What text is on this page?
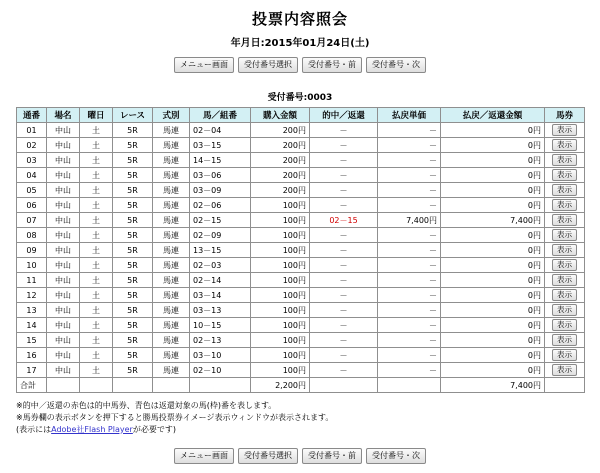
投票内容照会
年月日:2015年01月24日(土)
メニュー画面 受付番号選択 受付番号・前 受付番号・次
受付番号:0003
通番	場名	曜日	レース	式別	馬／組番	購入金額	的中／返還	払戻単価	払戻／返還金額	馬券
01	中山	土	5R	馬連	02－04	200円	－	－	0円	表示
02	中山	土	5R	馬連	03－15	200円	－	－	0円	表示
03	中山	土	5R	馬連	14－15	200円	－	－	0円	表示
04	中山	土	5R	馬連	03－06	200円	－	－	0円	表示
05	中山	土	5R	馬連	03－09	200円	－	－	0円	表示
06	中山	土	5R	馬連	02－06	100円	－	－	0円	表示
07	中山	土	5R	馬連	02－15	100円	02－15	7,400円	7,400円	表示
08	中山	土	5R	馬連	02－09	100円	－	－	0円	表示
09	中山	土	5R	馬連	13－15	100円	－	－	0円	表示
10	中山	土	5R	馬連	02－03	100円	－	－	0円	表示
11	中山	土	5R	馬連	02－14	100円	－	－	0円	表示
12	中山	土	5R	馬連	03－14	100円	－	－	0円	表示
13	中山	土	5R	馬連	03－13	100円	－	－	0円	表示
14	中山	土	5R	馬連	10－15	100円	－	－	0円	表示
15	中山	土	5R	馬連	02－13	100円	－	－	0円	表示
16	中山	土	5R	馬連	03－10	100円	－	－	0円	表示
17	中山	土	5R	馬連	02－10	100円	－	－	0円	表示
合計						2,200円			7,400円	
※的中／返還の赤色は的中馬券、青色は返還対象の馬(枠)番を表します。
※馬券欄の表示ボタンを押下すると勝馬投票券イメージ表示ウィンドウが表示されます。
(表示にはAdobe社Flash Playerが必要です)
メニュー画面 受付番号選択 受付番号・前 受付番号・次
